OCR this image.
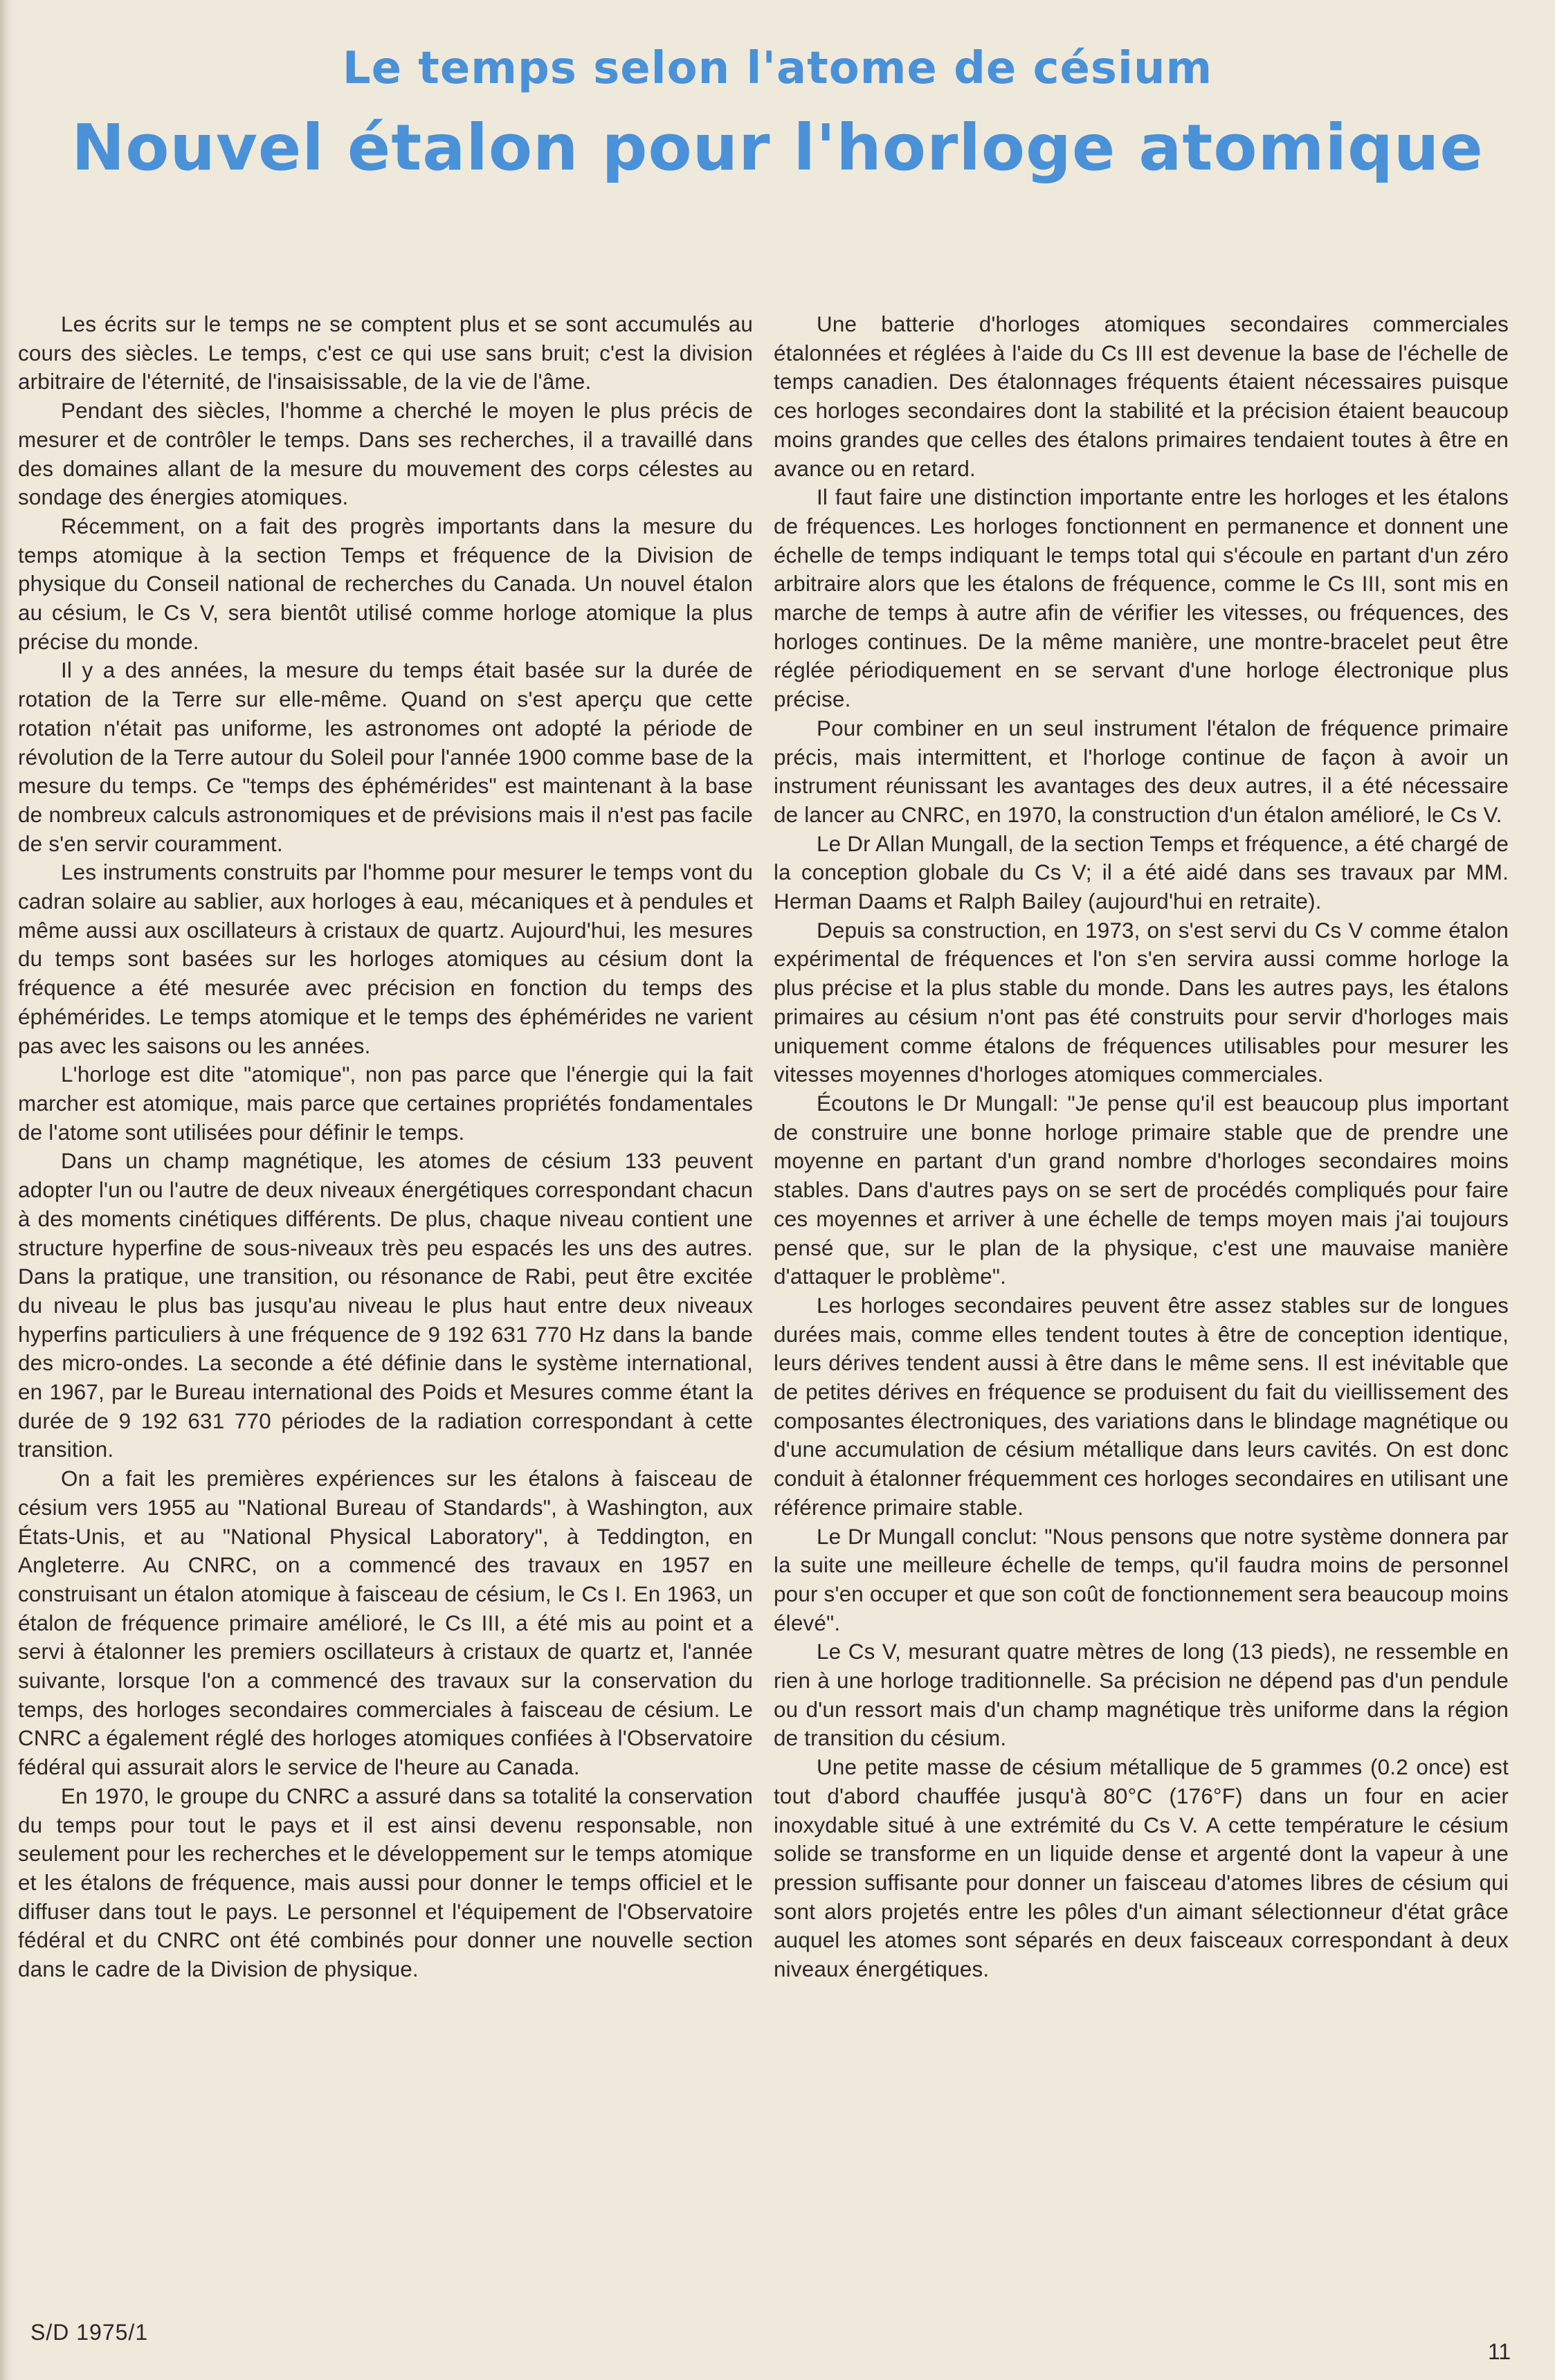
Le temps selon l'atome de césium
Nouvel étalon pour l'horloge atomique

Les écrits sur le temps ne se comptent plus et se sont accumulés au cours des siècles. Le temps, c'est ce qui use sans bruit; c'est la division arbitraire de l'éternité, de l'insaisissable, de la vie de l'âme.

Pendant des siècles, l'homme a cherché le moyen le plus précis de mesurer et de contrôler le temps. Dans ses recherches, il a travaillé dans des domaines allant de la mesure du mouvement des corps célestes au sondage des énergies atomiques.

Récemment, on a fait des progrès importants dans la mesure du temps atomique à la section Temps et fréquence de la Division de physique du Conseil national de recherches du Canada. Un nouvel étalon au césium, le Cs V, sera bientôt utilisé comme horloge atomique la plus précise du monde.

Il y a des années, la mesure du temps était basée sur la durée de rotation de la Terre sur elle-même. Quand on s'est aperçu que cette rotation n'était pas uniforme, les astronomes ont adopté la période de révolution de la Terre autour du Soleil pour l'année 1900 comme base de la mesure du temps. Ce "temps des éphémérides" est maintenant à la base de nombreux calculs astronomiques et de prévisions mais il n'est pas facile de s'en servir couramment.

Les instruments construits par l'homme pour mesurer le temps vont du cadran solaire au sablier, aux horloges à eau, mécaniques et à pendules et même aussi aux oscillateurs à cristaux de quartz. Aujourd'hui, les mesures du temps sont basées sur les horloges atomiques au césium dont la fréquence a été mesurée avec précision en fonction du temps des éphémérides. Le temps atomique et le temps des éphémérides ne varient pas avec les saisons ou les années.

L'horloge est dite "atomique", non pas parce que l'énergie qui la fait marcher est atomique, mais parce que certaines propriétés fondamentales de l'atome sont utilisées pour définir le temps.

Dans un champ magnétique, les atomes de césium 133 peuvent adopter l'un ou l'autre de deux niveaux énergétiques correspondant chacun à des moments cinétiques différents. De plus, chaque niveau contient une structure hyperfine de sous-niveaux très peu espacés les uns des autres. Dans la pratique, une transition, ou résonance de Rabi, peut être excitée du niveau le plus bas jusqu'au niveau le plus haut entre deux niveaux hyperfins particuliers à une fréquence de 9 192 631 770 Hz dans la bande des micro-ondes. La seconde a été définie dans le système international, en 1967, par le Bureau international des Poids et Mesures comme étant la durée de 9 192 631 770 périodes de la radiation correspondant à cette transition.

On a fait les premières expériences sur les étalons à faisceau de césium vers 1955 au "National Bureau of Standards", à Washington, aux États-Unis, et au "National Physical Laboratory", à Teddington, en Angleterre. Au CNRC, on a commencé des travaux en 1957 en construisant un étalon atomique à faisceau de césium, le Cs I. En 1963, un étalon de fréquence primaire amélioré, le Cs III, a été mis au point et a servi à étalonner les premiers oscillateurs à cristaux de quartz et, l'année suivante, lorsque l'on a commencé des travaux sur la conservation du temps, des horloges secondaires commerciales à faisceau de césium. Le CNRC a également réglé des horloges atomiques confiées à l'Observatoire fédéral qui assurait alors le service de l'heure au Canada.

En 1970, le groupe du CNRC a assuré dans sa totalité la conservation du temps pour tout le pays et il est ainsi devenu responsable, non seulement pour les recherches et le développement sur le temps atomique et les étalons de fréquence, mais aussi pour donner le temps officiel et le diffuser dans tout le pays. Le personnel et l'équipement de l'Observatoire fédéral et du CNRC ont été combinés pour donner une nouvelle section dans le cadre de la Division de physique.

Une batterie d'horloges atomiques secondaires commerciales étalonnées et réglées à l'aide du Cs III est devenue la base de l'échelle de temps canadien. Des étalonnages fréquents étaient nécessaires puisque ces horloges secondaires dont la stabilité et la précision étaient beaucoup moins grandes que celles des étalons primaires tendaient toutes à être en avance ou en retard.

Il faut faire une distinction importante entre les horloges et les étalons de fréquences. Les horloges fonctionnent en permanence et donnent une échelle de temps indiquant le temps total qui s'écoule en partant d'un zéro arbitraire alors que les étalons de fréquence, comme le Cs III, sont mis en marche de temps à autre afin de vérifier les vitesses, ou fréquences, des horloges continues. De la même manière, une montre-bracelet peut être réglée périodiquement en se servant d'une horloge électronique plus précise.

Pour combiner en un seul instrument l'étalon de fréquence primaire précis, mais intermittent, et l'horloge continue de façon à avoir un instrument réunissant les avantages des deux autres, il a été nécessaire de lancer au CNRC, en 1970, la construction d'un étalon amélioré, le Cs V.

Le Dr Allan Mungall, de la section Temps et fréquence, a été chargé de la conception globale du Cs V; il a été aidé dans ses travaux par MM. Herman Daams et Ralph Bailey (aujourd'hui en retraite).

Depuis sa construction, en 1973, on s'est servi du Cs V comme étalon expérimental de fréquences et l'on s'en servira aussi comme horloge la plus précise et la plus stable du monde. Dans les autres pays, les étalons primaires au césium n'ont pas été construits pour servir d'horloges mais uniquement comme étalons de fréquences utilisables pour mesurer les vitesses moyennes d'horloges atomiques commerciales.

Écoutons le Dr Mungall: "Je pense qu'il est beaucoup plus important de construire une bonne horloge primaire stable que de prendre une moyenne en partant d'un grand nombre d'horloges secondaires moins stables. Dans d'autres pays on se sert de procédés compliqués pour faire ces moyennes et arriver à une échelle de temps moyen mais j'ai toujours pensé que, sur le plan de la physique, c'est une mauvaise manière d'attaquer le problème".

Les horloges secondaires peuvent être assez stables sur de longues durées mais, comme elles tendent toutes à être de conception identique, leurs dérives tendent aussi à être dans le même sens. Il est inévitable que de petites dérives en fréquence se produisent du fait du vieillissement des composantes électroniques, des variations dans le blindage magnétique ou d'une accumulation de césium métallique dans leurs cavités. On est donc conduit à étalonner fréquemment ces horloges secondaires en utilisant une référence primaire stable.

Le Dr Mungall conclut: "Nous pensons que notre système donnera par la suite une meilleure échelle de temps, qu'il faudra moins de personnel pour s'en occuper et que son coût de fonctionnement sera beaucoup moins élevé".

Le Cs V, mesurant quatre mètres de long (13 pieds), ne ressemble en rien à une horloge traditionnelle. Sa précision ne dépend pas d'un pendule ou d'un ressort mais d'un champ magnétique très uniforme dans la région de transition du césium.

Une petite masse de césium métallique de 5 grammes (0.2 once) est tout d'abord chauffée jusqu'à 80°C (176°F) dans un four en acier inoxydable situé à une extrémité du Cs V. A cette température le césium solide se transforme en un liquide dense et argenté dont la vapeur à une pression suffisante pour donner un faisceau d'atomes libres de césium qui sont alors projetés entre les pôles d'un aimant sélectionneur d'état grâce auquel les atomes sont séparés en deux faisceaux correspondant à deux niveaux énergétiques.

S/D 1975/1
11
